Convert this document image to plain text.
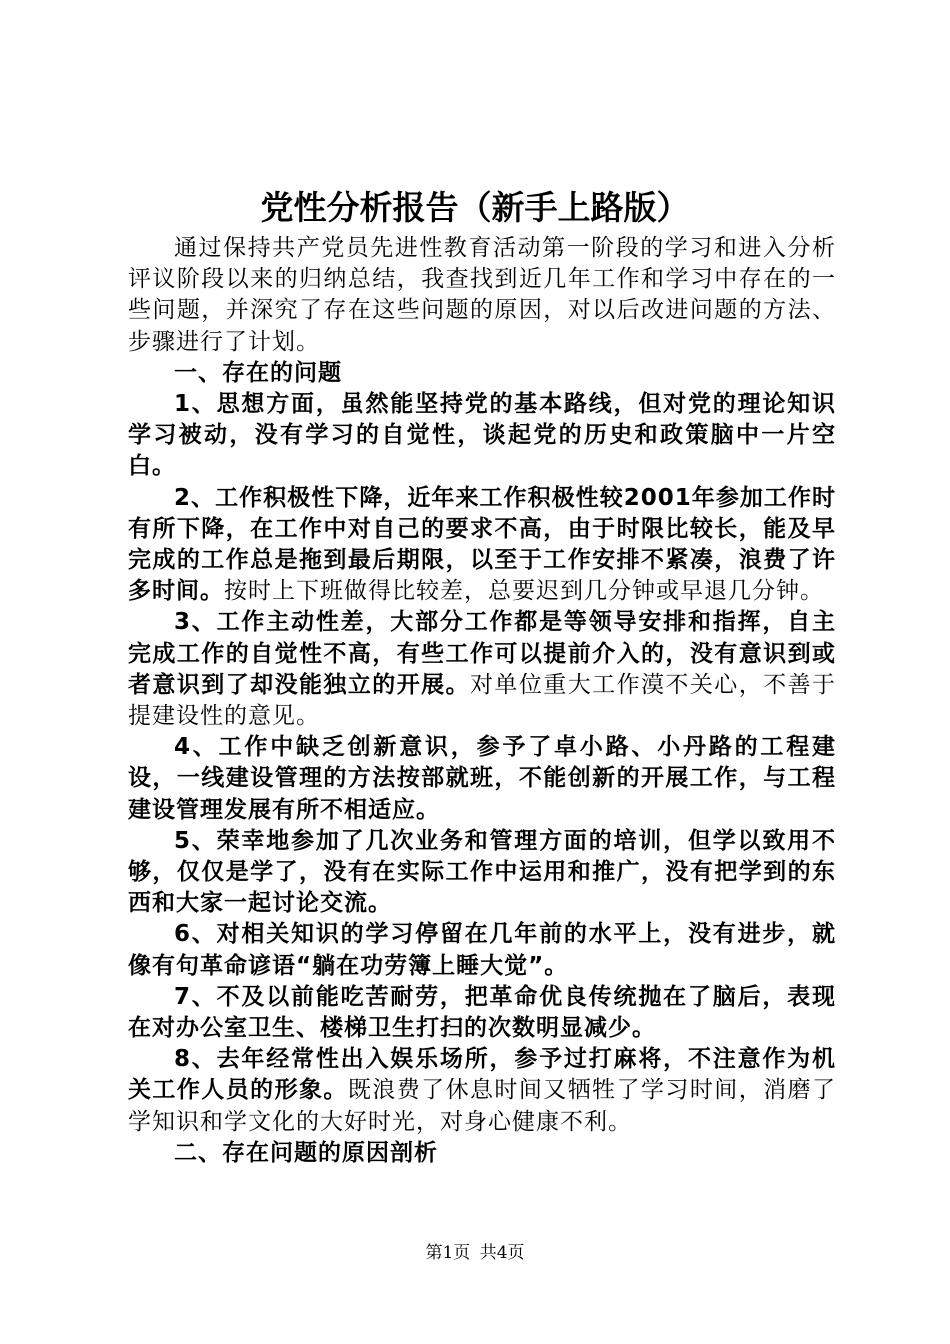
党性分析报告（新手上路版）

通过保持共产党员先进性教育活动第一阶段的学习和进入分析评议阶段以来的归纳总结，我查找到近几年工作和学习中存在的一些问题，并深究了存在这些问题的原因，对以后改进问题的方法、步骤进行了计划。

一、存在的问题

1、思想方面，虽然能坚持党的基本路线，但对党的理论知识学习被动，没有学习的自觉性，谈起党的历史和政策脑中一片空白。

2、工作积极性下降，近年来工作积极性较2001年参加工作时有所下降，在工作中对自己的要求不高，由于时限比较长，能及早完成的工作总是拖到最后期限，以至于工作安排不紧凑，浪费了许多时间。按时上下班做得比较差，总要迟到几分钟或早退几分钟。

3、工作主动性差，大部分工作都是等领导安排和指挥，自主完成工作的自觉性不高，有些工作可以提前介入的，没有意识到或者意识到了却没能独立的开展。对单位重大工作漠不关心，不善于提建设性的意见。

4、工作中缺乏创新意识，参予了卓小路、小丹路的工程建设，一线建设管理的方法按部就班，不能创新的开展工作，与工程建设管理发展有所不相适应。

5、荣幸地参加了几次业务和管理方面的培训，但学以致用不够，仅仅是学了，没有在实际工作中运用和推广，没有把学到的东西和大家一起讨论交流。

6、对相关知识的学习停留在几年前的水平上，没有进步，就像有句革命谚语“躺在功劳簿上睡大觉”。

7、不及以前能吃苦耐劳，把革命优良传统抛在了脑后，表现在对办公室卫生、楼梯卫生打扫的次数明显减少。

8、去年经常性出入娱乐场所，参予过打麻将，不注意作为机关工作人员的形象。既浪费了休息时间又牺牲了学习时间，消磨了学知识和学文化的大好时光，对身心健康不利。

二、存在问题的原因剖析

第1页 共4页
